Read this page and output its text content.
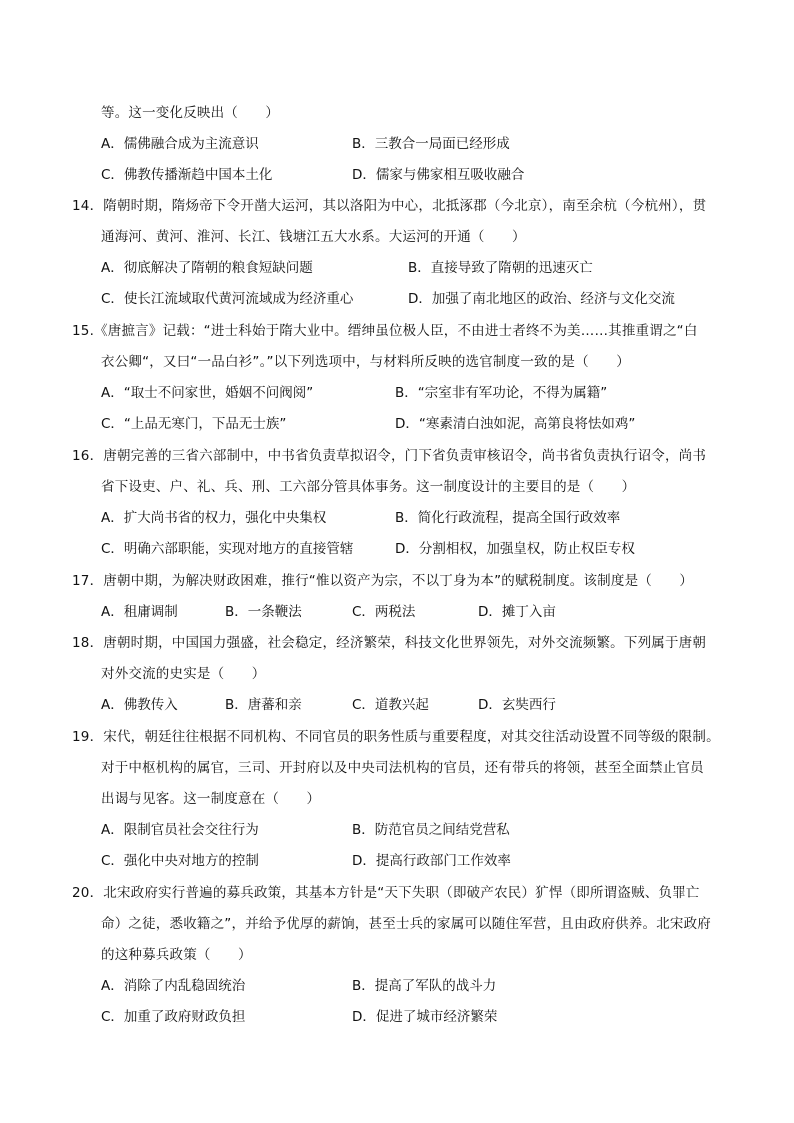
等。这一变化反映出（　　）
A．儒佛融合成为主流意识	B．三教合一局面已经形成
C．佛教传播渐趋中国本土化	D．儒家与佛家相互吸收融合
14．隋朝时期，隋炀帝下令开凿大运河，其以洛阳为中心，北抵涿郡（今北京），南至余杭（今杭州），贯
通海河、黄河、淮河、长江、钱塘江五大水系。大运河的开通（　　）
A．彻底解决了隋朝的粮食短缺问题	B．直接导致了隋朝的迅速灭亡
C．使长江流域取代黄河流域成为经济重心	D．加强了南北地区的政治、经济与文化交流
15.《唐摭言》记载：“进士科始于隋大业中。缙绅虽位极人臣，不由进士者终不为美……其推重谓之“白
衣公卿“，又曰“一品白衫”。”以下列选项中，与材料所反映的选官制度一致的是（　　）
A．“取士不问家世，婚姻不问阀阅”	B．“宗室非有军功论，不得为属籍”
C．“上品无寒门，下品无士族”	D．“寒素清白浊如泥，高第良将怯如鸡”
16．唐朝完善的三省六部制中，中书省负责草拟诏令，门下省负责审核诏令，尚书省负责执行诏令，尚书
省下设吏、户、礼、兵、刑、工六部分管具体事务。这一制度设计的主要目的是（　　）
A．扩大尚书省的权力，强化中央集权	B．简化行政流程，提高全国行政效率
C．明确六部职能，实现对地方的直接管辖	D．分割相权，加强皇权，防止权臣专权
17．唐朝中期，为解决财政困难，推行“惟以资产为宗，不以丁身为本”的赋税制度。该制度是（　　）
A．租庸调制	B．一条鞭法	C．两税法	D．摊丁入亩
18．唐朝时期，中国国力强盛，社会稳定，经济繁荣，科技文化世界领先，对外交流频繁。下列属于唐朝
对外交流的史实是（　　）
A．佛教传入	B．唐蕃和亲	C．道教兴起	D．玄奘西行
19．宋代，朝廷往往根据不同机构、不同官员的职务性质与重要程度，对其交往活动设置不同等级的限制。
对于中枢机构的属官，三司、开封府以及中央司法机构的官员，还有带兵的将领，甚至全面禁止官员
出谒与见客。这一制度意在（　　）
A．限制官员社会交往行为	B．防范官员之间结党营私
C．强化中央对地方的控制	D．提高行政部门工作效率
20．北宋政府实行普遍的募兵政策，其基本方针是“天下失职（即破产农民）犷悍（即所谓盗贼、负罪亡
命）之徒，悉收籍之”，并给予优厚的薪饷，甚至士兵的家属可以随住军营，且由政府供养。北宋政府
的这种募兵政策（　　）
A．消除了内乱稳固统治	B．提高了军队的战斗力
C．加重了政府财政负担	D．促进了城市经济繁荣
